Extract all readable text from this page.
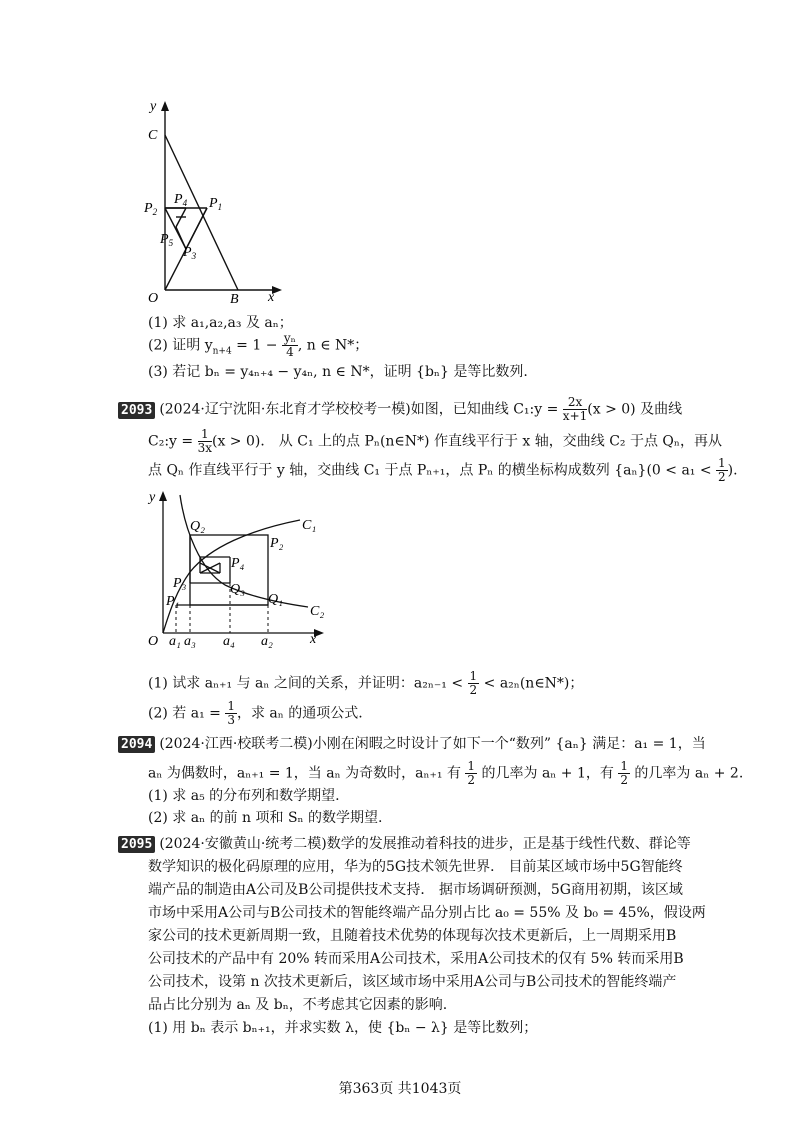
y
x
C
$P_2$
$P_1$
$P_4$
$P_5$
$P_3$
O	B
(1) 求 a₁,a₂,a₃ 及 aₙ；
(2) 证明 $y_{n+4} = 1 - \frac{\text{yₙ}}{4}$ , n ∈ N*；
(3) 若记 bₙ = y₄ₙ₊₄ − y₄ₙ, n ∈ N*，证明 {bₙ} 是等比数列.
2093 (2024·辽宁沈阳·东北育才学校校考一模)如图，已知曲线 C₁:y = $\frac{2x}{x+1} (x > 0)$ 及曲线
C₂:y = $\frac{1}{3x} (x > 0)$． 从 C₁ 上的点 Pₙ(n∈N*) 作直线平行于 x 轴，交曲线 C₂ 于点 Qₙ，再从
点 Qₙ 作直线平行于 y 轴，交曲线 C₁ 于点 Pₙ₊₁，点 Pₙ 的横坐标构成数列 $\{a_n\}(0 < a_1 < \frac{1}{2}$ ).
y
x
O
C₁
C₂
Q₂
P₂
P₄
P₃	Q₃
P₁	Q₁
a₁ a₃ a₄ a₂
(1) 试求 aₙ₊₁ 与 aₙ 之间的关系，并证明：$a_{2n-1} < \frac{1}{2}$ < a₂ₙ(n∈N*)；
(2) 若 $a_1 = \frac{1}{3}$ ，求 aₙ 的通项公式.
2094 (2024·江西·校联考二模)小刚在闲暇之时设计了如下一个“数列” {aₙ} 满足：a₁ = 1，当
aₙ 为偶数时，aₙ₊₁ = 1，当 aₙ 为奇数时，aₙ₊₁ 有 $\frac{1}{2}$ 的几率为 aₙ + 1，有 $\frac{1}{2}$ 的几率为 aₙ + 2.
(1) 求 a₅ 的分布列和数学期望.
(2) 求 aₙ 的前 n 项和 Sₙ 的数学期望.
2095 (2024·安徽黄山·统考二模)数学的发展推动着科技的进步，正是基于线性代数、群论等
数学知识的极化码原理的应用，华为的5G技术领先世界． 目前某区域市场中5G智能终
端产品的制造由A公司及B公司提供技术支持． 据市场调研预测，5G商用初期，该区域
市场中采用A公司与B公司技术的智能终端产品分别占比 a₀ = 55% 及 b₀ = 45%，假设两
家公司的技术更新周期一致，且随着技术优势的体现每次技术更新后，上一周期采用B
公司技术的产品中有 20% 转而采用A公司技术，采用A公司技术的仅有 5% 转而采用B
公司技术，设第 n 次技术更新后，该区域市场中采用A公司与B公司技术的智能终端产
品占比分别为 aₙ 及 bₙ，不考虑其它因素的影响.
(1) 用 bₙ 表示 bₙ₊₁，并求实数 λ，使 {bₙ − λ} 是等比数列；
第363页 共1043页
